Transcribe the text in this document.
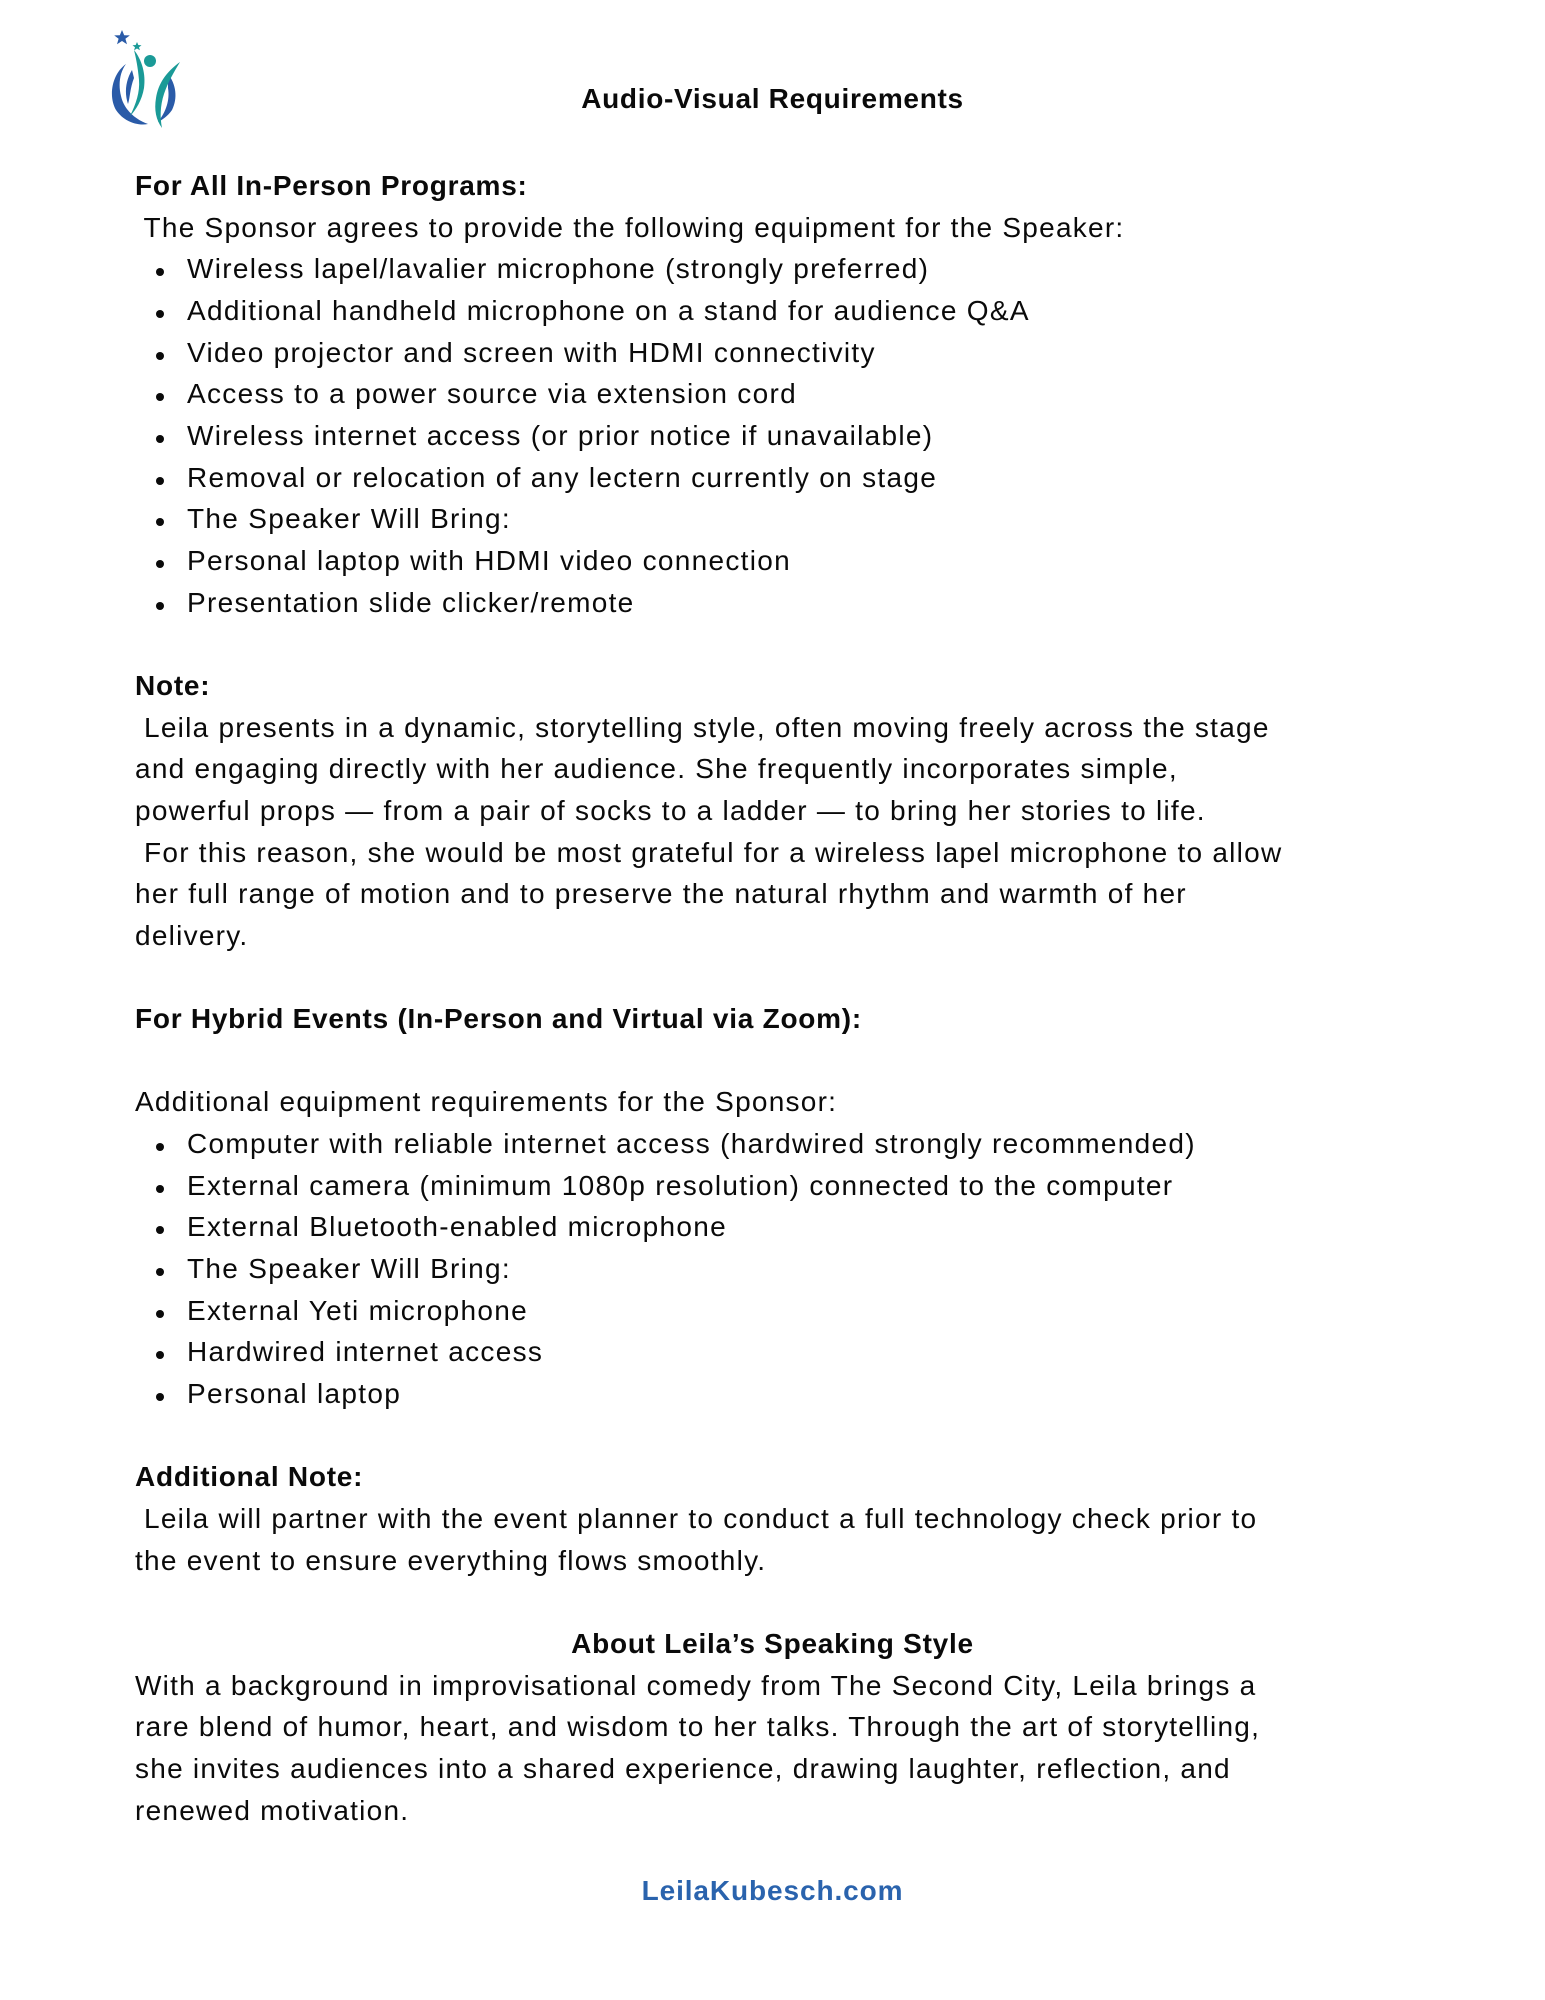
Audio-Visual Requirements
For All In-Person Programs:
The Sponsor agrees to provide the following equipment for the Speaker:
Wireless lapel/lavalier microphone (strongly preferred)
Additional handheld microphone on a stand for audience Q&A
Video projector and screen with HDMI connectivity
Access to a power source via extension cord
Wireless internet access (or prior notice if unavailable)
Removal or relocation of any lectern currently on stage
The Speaker Will Bring:
Personal laptop with HDMI video connection
Presentation slide clicker/remote
Note:
Leila presents in a dynamic, storytelling style, often moving freely across the stage
and engaging directly with her audience. She frequently incorporates simple,
powerful props — from a pair of socks to a ladder — to bring her stories to life.
For this reason, she would be most grateful for a wireless lapel microphone to allow
her full range of motion and to preserve the natural rhythm and warmth of her
delivery.
For Hybrid Events (In-Person and Virtual via Zoom):
Additional equipment requirements for the Sponsor:
Computer with reliable internet access (hardwired strongly recommended)
External camera (minimum 1080p resolution) connected to the computer
External Bluetooth-enabled microphone
The Speaker Will Bring:
External Yeti microphone
Hardwired internet access
Personal laptop
Additional Note:
Leila will partner with the event planner to conduct a full technology check prior to
the event to ensure everything flows smoothly.
About Leila’s Speaking Style
With a background in improvisational comedy from The Second City, Leila brings a
rare blend of humor, heart, and wisdom to her talks. Through the art of storytelling,
she invites audiences into a shared experience, drawing laughter, reflection, and
renewed motivation.
LeilaKubesch.com
